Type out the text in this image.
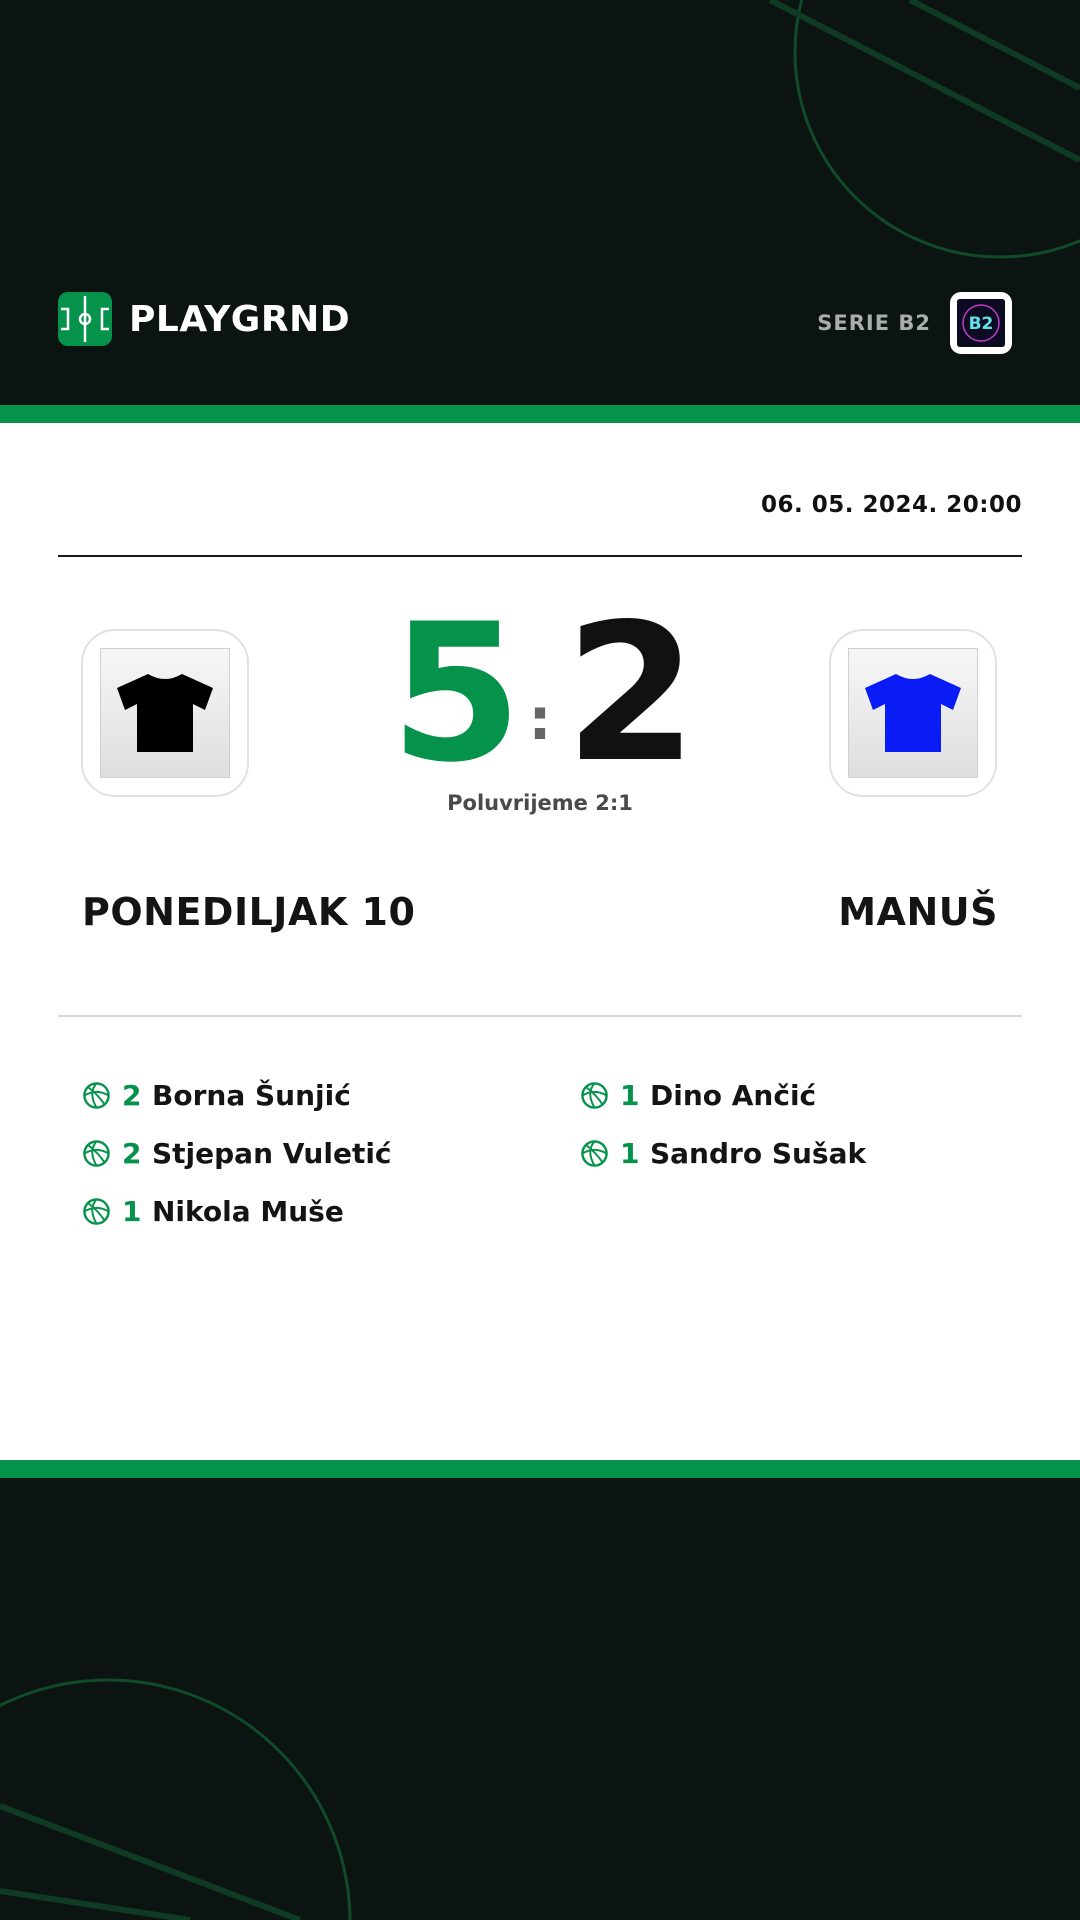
PLAYGRND	SERIE B2 B2
06. 05. 2024. 20:00
5 : 2
Poluvrijeme 2:1
PONEDILJAK 10	MANUŠ
2 Borna Šunjić
2 Stjepan Vuletić
1 Nikola Muše
1 Dino Ančić
1 Sandro Sušak
